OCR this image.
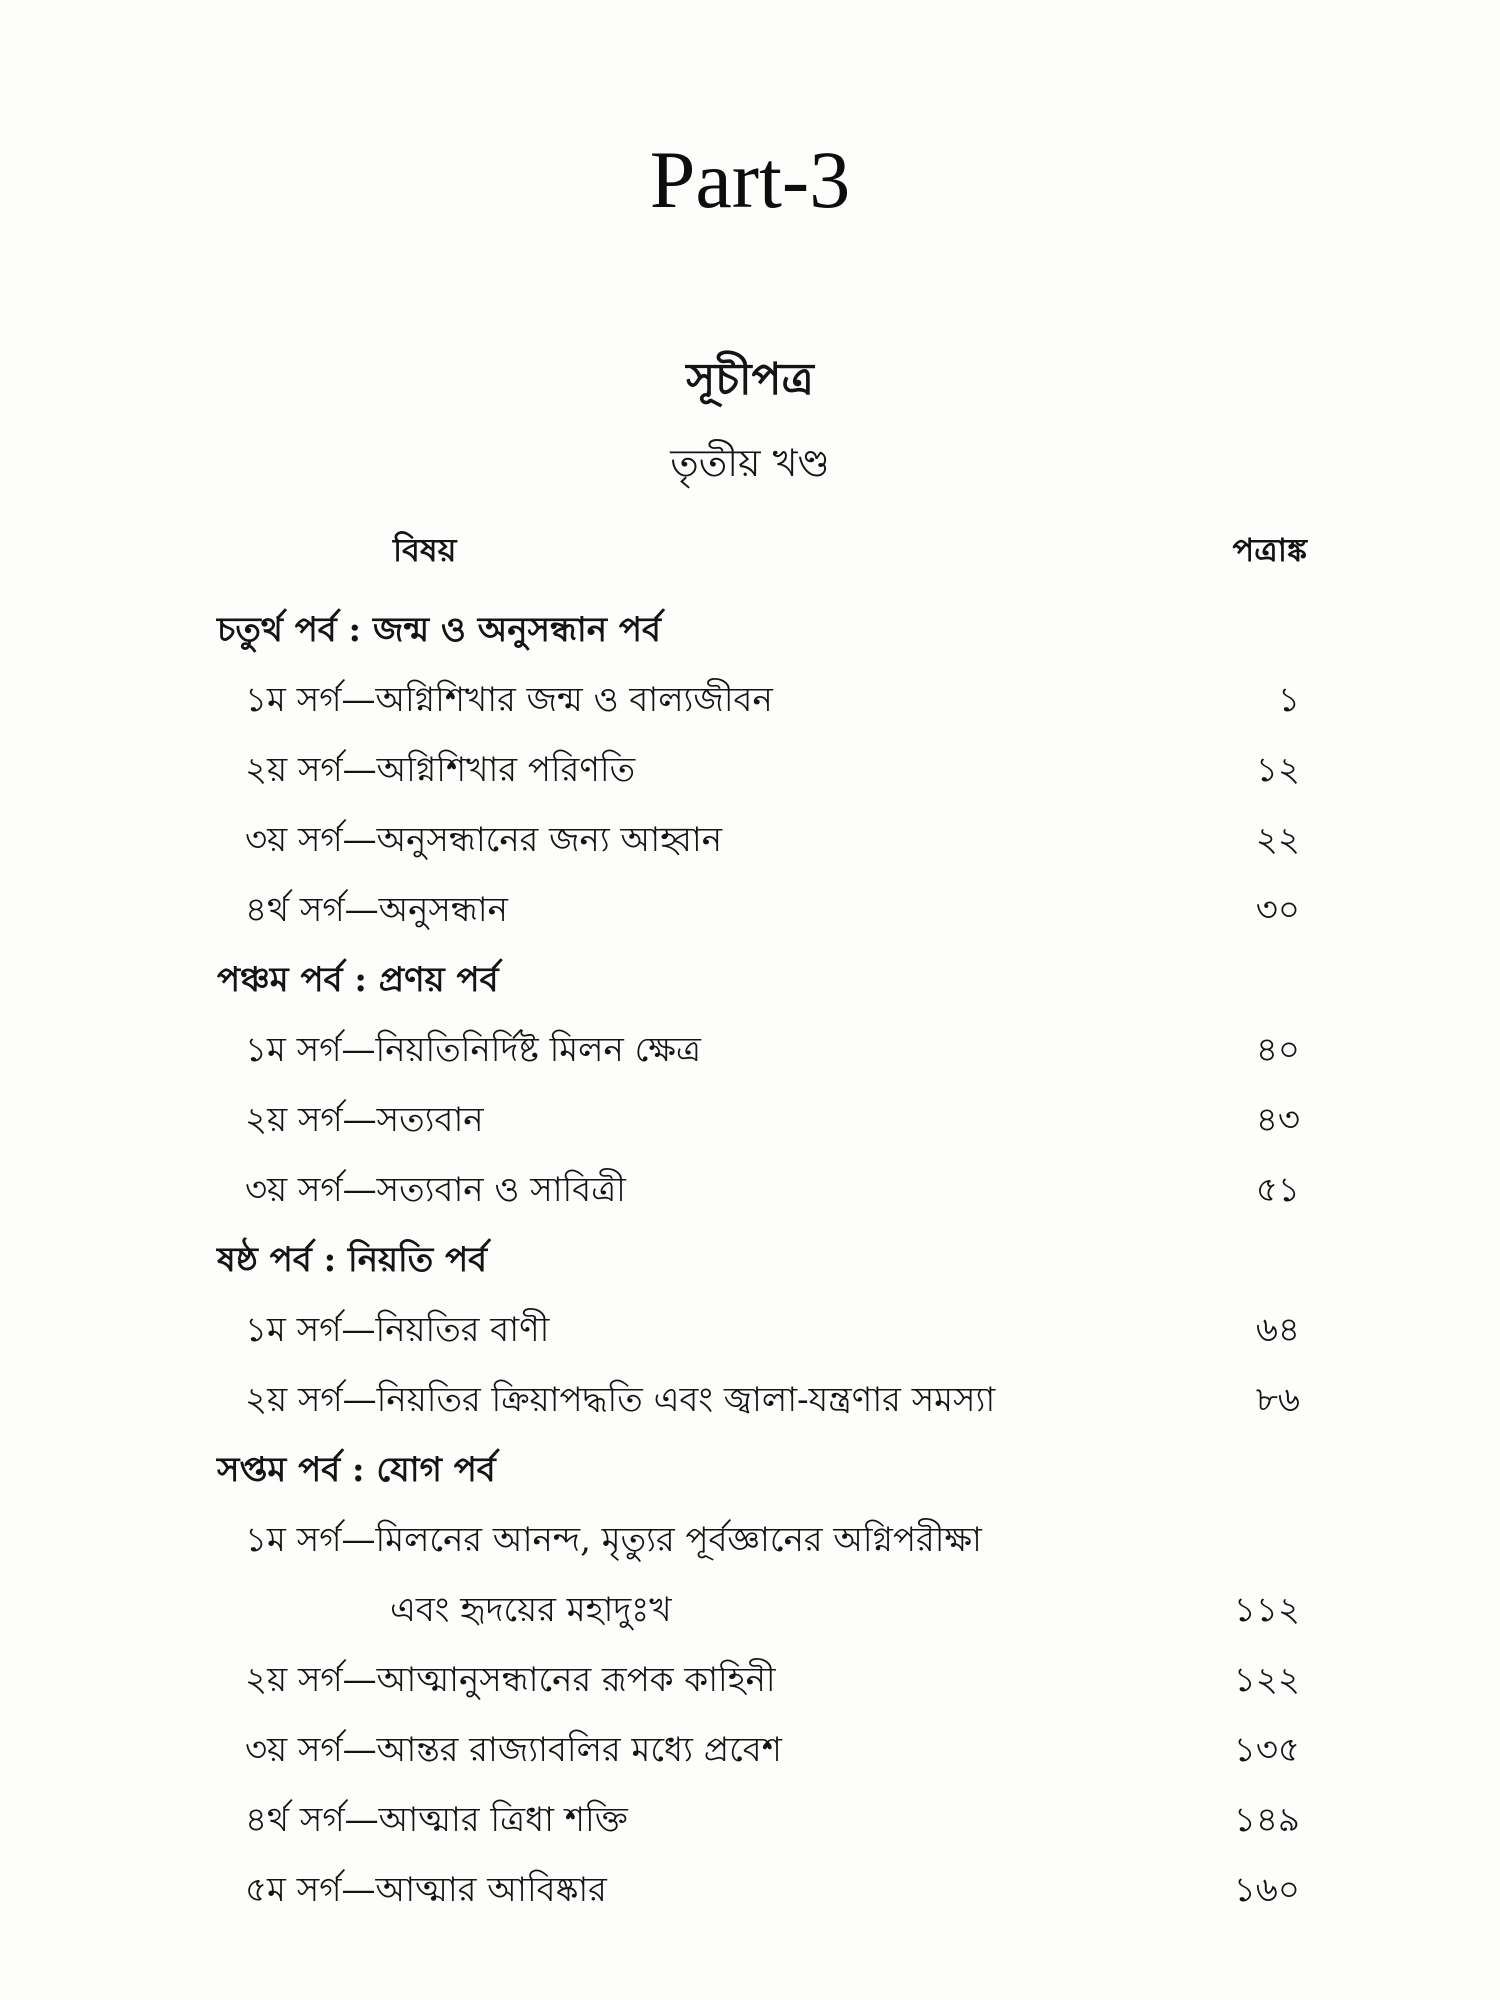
Part-3
সূচীপত্র
তৃতীয় খণ্ড
বিষয়	পত্রাঙ্ক
চতুর্থ পর্ব : জন্ম ও অনুসন্ধান পর্ব
১ম সর্গ—অগ্নিশিখার জন্ম ও বাল্যজীবন	১
২য় সর্গ—অগ্নিশিখার পরিণতি	১২
৩য় সর্গ—অনুসন্ধানের জন্য আহ্বান	২২
৪র্থ সর্গ—অনুসন্ধান	৩০
পঞ্চম পর্ব : প্রণয় পর্ব
১ম সর্গ—নিয়তিনির্দিষ্ট মিলন ক্ষেত্র	৪০
২য় সর্গ—সত্যবান	৪৩
৩য় সর্গ—সত্যবান ও সাবিত্রী	৫১
ষষ্ঠ পর্ব : নিয়তি পর্ব
১ম সর্গ—নিয়তির বাণী	৬৪
২য় সর্গ—নিয়তির ক্রিয়াপদ্ধতি এবং জ্বালা-যন্ত্রণার সমস্যা	৮৬
সপ্তম পর্ব : যোগ পর্ব
১ম সর্গ—মিলনের আনন্দ, মৃত্যুর পূর্বজ্ঞানের অগ্নিপরীক্ষা
এবং হৃদয়ের মহাদুঃখ	১১২
২য় সর্গ—আত্মানুসন্ধানের রূপক কাহিনী	১২২
৩য় সর্গ—আন্তর রাজ্যাবলির মধ্যে প্রবেশ	১৩৫
৪র্থ সর্গ—আত্মার ত্রিধা শক্তি	১৪৯
৫ম সর্গ—আত্মার আবিষ্কার	১৬০
